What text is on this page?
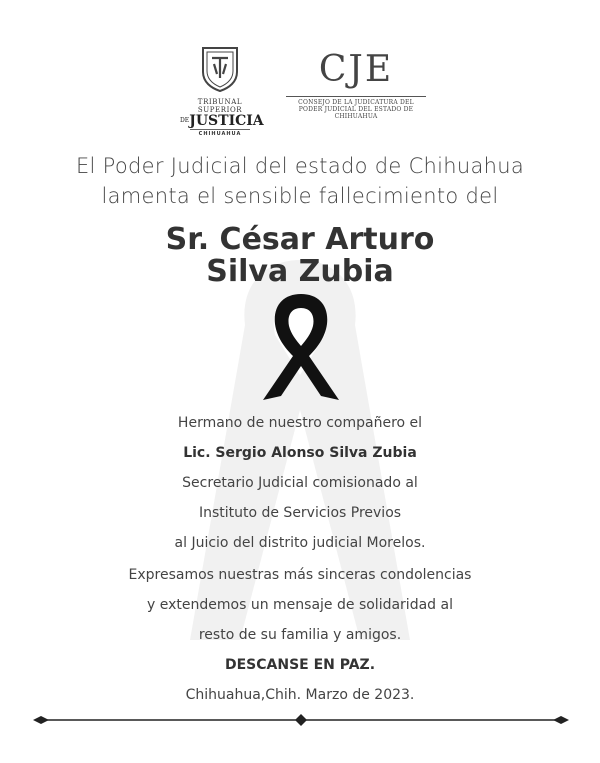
TRIBUNAL SUPERIOR
$^{DE}$JUSTICIA
CHIHUAHUA
CJE
CONSEJO DE LA JUDICATURA DEL
PODER JUDICIAL DEL ESTADO DE CHIHUAHUA
El Poder Judicial del estado de Chihuahua
lamenta el sensible fallecimiento del
Sr. César Arturo
Silva Zubia
Hermano de nuestro compañero el
Lic. Sergio Alonso Silva Zubia
Secretario Judicial comisionado al
Instituto de Servicios Previos
al Juicio del distrito judicial Morelos.
Expresamos nuestras más sinceras condolencias
y extendemos un mensaje de solidaridad al
resto de su familia y amigos.
DESCANSE EN PAZ.
Chihuahua,Chih. Marzo de 2023.
